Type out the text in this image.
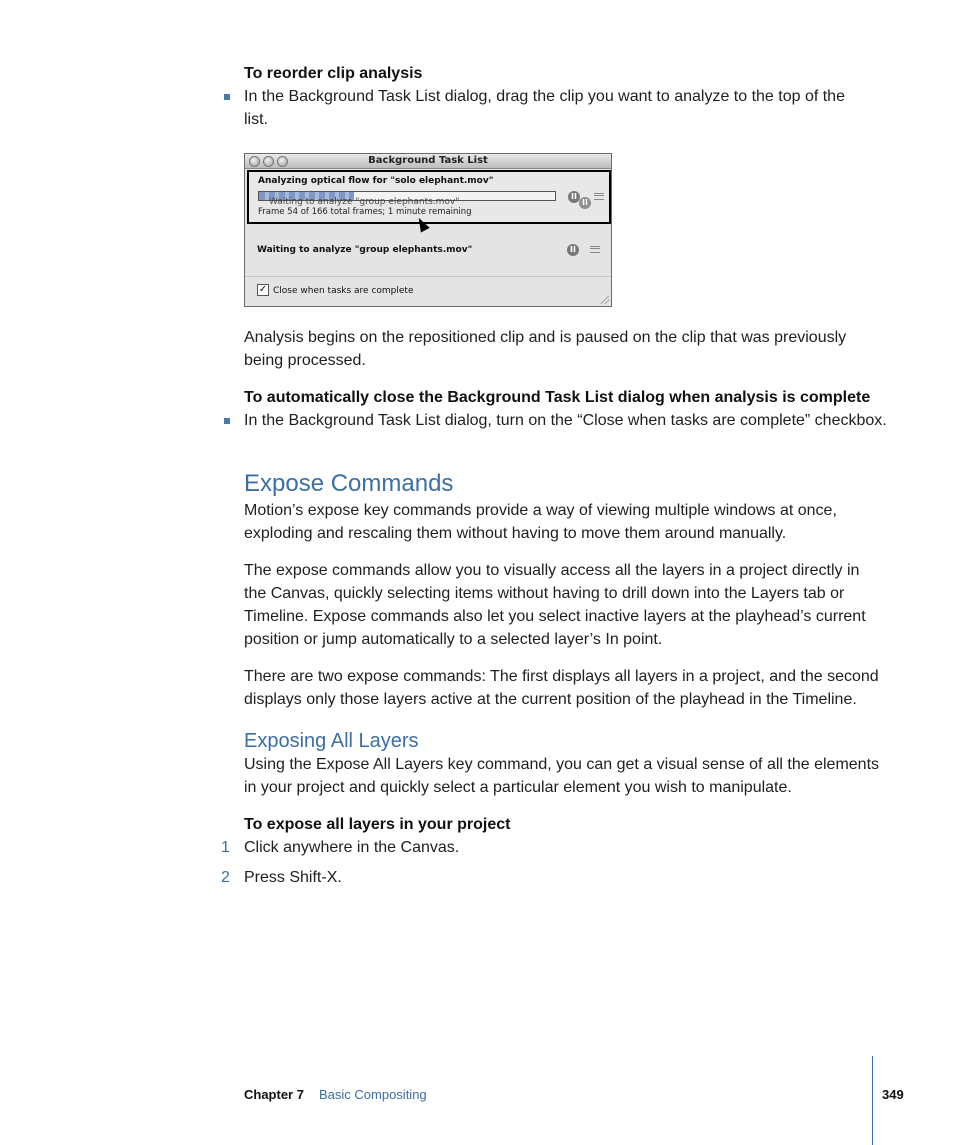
To reorder clip analysis
In the Background Task List dialog, drag the clip you want to analyze to the top of the
list.
Background Task List
Analyzing optical flow for "solo elephant.mov"
Waiting to analyze "group elephants.mov"
Frame 54 of 166 total frames; 1 minute remaining
II
II
Waiting to analyze "group elephants.mov"	II
✓ Close when tasks are complete
Analysis begins on the repositioned clip and is paused on the clip that was previously
being processed.
To automatically close the Background Task List dialog when analysis is complete
In the Background Task List dialog, turn on the “Close when tasks are complete” checkbox.
Expose Commands
Motion’s expose key commands provide a way of viewing multiple windows at once,
exploding and rescaling them without having to move them around manually.
The expose commands allow you to visually access all the layers in a project directly in
the Canvas, quickly selecting items without having to drill down into the Layers tab or
Timeline. Expose commands also let you select inactive layers at the playhead’s current
position or jump automatically to a selected layer’s In point.
There are two expose commands: The first displays all layers in a project, and the second
displays only those layers active at the current position of the playhead in the Timeline.
Exposing All Layers
Using the Expose All Layers key command, you can get a visual sense of all the elements
in your project and quickly select a particular element you wish to manipulate.
To expose all layers in your project
1 Click anywhere in the Canvas.
2 Press Shift-X.
Chapter 7 Basic Compositing	349
